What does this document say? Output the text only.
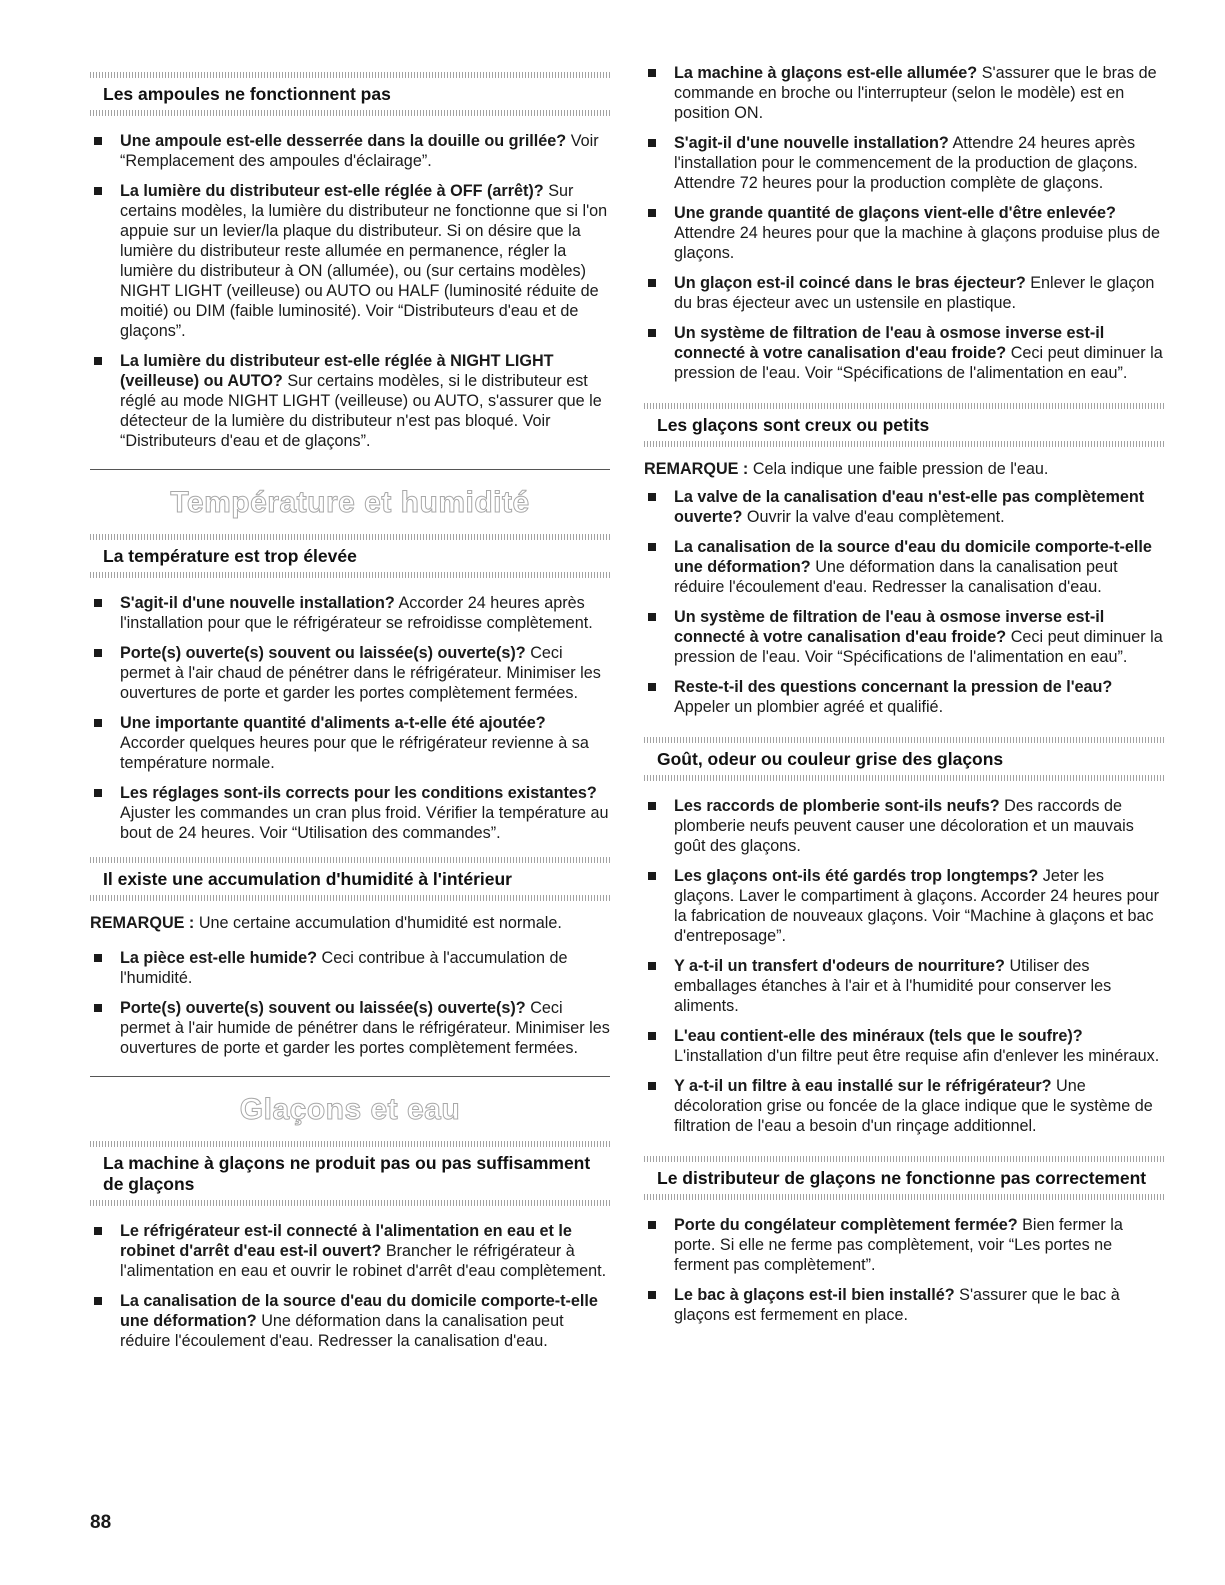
Les ampoules ne fonctionnent pas
Une ampoule est-elle desserrée dans la douille ou grillée? Voir “Remplacement des ampoules d'éclairage”.
La lumière du distributeur est-elle réglée à OFF (arrêt)? Sur certains modèles, la lumière du distributeur ne fonctionne que si l'on appuie sur un levier/la plaque du distributeur. Si on désire que la lumière du distributeur reste allumée en permanence, régler la lumière du distributeur à ON (allumée), ou (sur certains modèles) NIGHT LIGHT (veilleuse) ou AUTO ou HALF (luminosité réduite de moitié) ou DIM (faible luminosité). Voir “Distributeurs d'eau et de glaçons”.
La lumière du distributeur est-elle réglée à NIGHT LIGHT (veilleuse) ou AUTO? Sur certains modèles, si le distributeur est réglé au mode NIGHT LIGHT (veilleuse) ou AUTO, s'assurer que le détecteur de la lumière du distributeur n'est pas bloqué. Voir “Distributeurs d'eau et de glaçons”.
Température et humidité
La température est trop élevée
S'agit-il d'une nouvelle installation? Accorder 24 heures après l'installation pour que le réfrigérateur se refroidisse complètement.
Porte(s) ouverte(s) souvent ou laissée(s) ouverte(s)? Ceci permet à l'air chaud de pénétrer dans le réfrigérateur. Minimiser les ouvertures de porte et garder les portes complètement fermées.
Une importante quantité d'aliments a-t-elle été ajoutée? Accorder quelques heures pour que le réfrigérateur revienne à sa température normale.
Les réglages sont-ils corrects pour les conditions existantes? Ajuster les commandes un cran plus froid. Vérifier la température au bout de 24 heures. Voir “Utilisation des commandes”.
Il existe une accumulation d'humidité à l'intérieur

REMARQUE : Une certaine accumulation d'humidité est normale.

La pièce est-elle humide? Ceci contribue à l'accumulation de l'humidité.
Porte(s) ouverte(s) souvent ou laissée(s) ouverte(s)? Ceci permet à l'air humide de pénétrer dans le réfrigérateur. Minimiser les ouvertures de porte et garder les portes complètement fermées.
Glaçons et eau
La machine à glaçons ne produit pas ou pas suffisamment de glaçons
Le réfrigérateur est-il connecté à l'alimentation en eau et le robinet d'arrêt d'eau est-il ouvert? Brancher le réfrigérateur à l'alimentation en eau et ouvrir le robinet d'arrêt d'eau complètement.
La canalisation de la source d'eau du domicile comporte-t-elle une déformation? Une déformation dans la canalisation peut réduire l'écoulement d'eau. Redresser la canalisation d'eau.
La machine à glaçons est-elle allumée? S'assurer que le bras de commande en broche ou l'interrupteur (selon le modèle) est en position ON.
S'agit-il d'une nouvelle installation? Attendre 24 heures après l'installation pour le commencement de la production de glaçons. Attendre 72 heures pour la production complète de glaçons.
Une grande quantité de glaçons vient-elle d'être enlevée? Attendre 24 heures pour que la machine à glaçons produise plus de glaçons.
Un glaçon est-il coincé dans le bras éjecteur? Enlever le glaçon du bras éjecteur avec un ustensile en plastique.
Un système de filtration de l'eau à osmose inverse est-il connecté à votre canalisation d'eau froide? Ceci peut diminuer la pression de l'eau. Voir “Spécifications de l'alimentation en eau”.
Les glaçons sont creux ou petits

REMARQUE : Cela indique une faible pression de l'eau.

La valve de la canalisation d'eau n'est-elle pas complètement ouverte? Ouvrir la valve d'eau complètement.
La canalisation de la source d'eau du domicile comporte-t-elle une déformation? Une déformation dans la canalisation peut réduire l'écoulement d'eau. Redresser la canalisation d'eau.
Un système de filtration de l'eau à osmose inverse est-il connecté à votre canalisation d'eau froide? Ceci peut diminuer la pression de l'eau. Voir “Spécifications de l'alimentation en eau”.
Reste-t-il des questions concernant la pression de l'eau? Appeler un plombier agréé et qualifié.
Goût, odeur ou couleur grise des glaçons
Les raccords de plomberie sont-ils neufs? Des raccords de plomberie neufs peuvent causer une décoloration et un mauvais goût des glaçons.
Les glaçons ont-ils été gardés trop longtemps? Jeter les glaçons. Laver le compartiment à glaçons. Accorder 24 heures pour la fabrication de nouveaux glaçons. Voir “Machine à glaçons et bac d'entreposage”.
Y a-t-il un transfert d'odeurs de nourriture? Utiliser des emballages étanches à l'air et à l'humidité pour conserver les aliments.
L'eau contient-elle des minéraux (tels que le soufre)? L'installation d'un filtre peut être requise afin d'enlever les minéraux.
Y a-t-il un filtre à eau installé sur le réfrigérateur? Une décoloration grise ou foncée de la glace indique que le système de filtration de l'eau a besoin d'un rinçage additionnel.
Le distributeur de glaçons ne fonctionne pas correctement
Porte du congélateur complètement fermée? Bien fermer la porte. Si elle ne ferme pas complètement, voir “Les portes ne ferment pas complètement”.
Le bac à glaçons est-il bien installé? S'assurer que le bac à glaçons est fermement en place.
88
